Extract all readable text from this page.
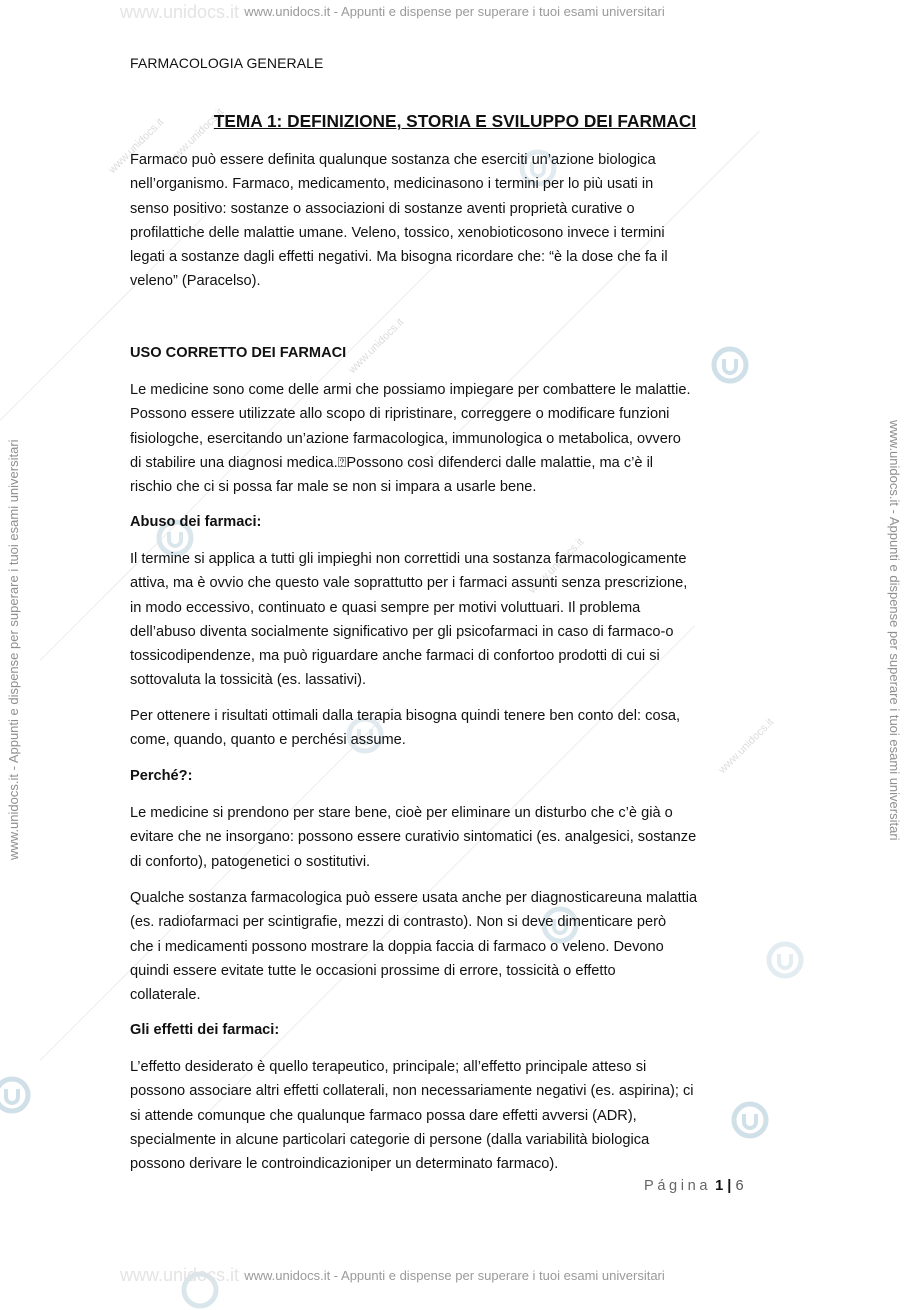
www.unidocs.it
www.unidocs.it
www.unidocs.it
www.unidocs.it
www.unidocs.it
www.unidocs.it
www.unidocs.it
www.unidocs.it - Appunti e dispense per superare i tuoi esami universitari
www.unidocs.it - Appunti e dispense per superare i tuoi esami universitari
www.unidocs.it - Appunti e dispense per superare i tuoi esami universitari	www.unidocs.it - Appunti e dispense per superare i tuoi esami universitari
FARMACOLOGIA GENERALE
TEMA 1: DEFINIZIONE, STORIA E SVILUPPO DEI FARMACI
Farmaco può essere definita qualunque sostanza che eserciti un’azione biologica
nell’organismo. Farmaco, medicamento, medicinasono i termini per lo più usati in
senso positivo: sostanze o associazioni di sostanze aventi proprietà curative o
profilattiche delle malattie umane. Veleno, tossico, xenobioticosono invece i termini
legati a sostanze dagli effetti negativi. Ma bisogna ricordare che: “è la dose che fa il
veleno” (Paracelso).
USO CORRETTO DEI FARMACI
Le medicine sono come delle armi che possiamo impiegare per combattere le malattie.
Possono essere utilizzate allo scopo di ripristinare, correggere o modificare funzioni
fisiologche, esercitando un’azione farmacologica, immunologica o metabolica, ovvero
di stabilire una diagnosi medica.⍰Possono così difenderci dalle malattie, ma c’è il
rischio che ci si possa far male se non si impara a usarle bene.
Abuso dei farmaci:
Il termine si applica a tutti gli impieghi non correttidi una sostanza farmacologicamente
attiva, ma è ovvio che questo vale soprattutto per i farmaci assunti senza prescrizione,
in modo eccessivo, continuato e quasi sempre per motivi voluttuari. Il problema
dell’abuso diventa socialmente significativo per gli psicofarmaci in caso di farmaco-o
tossicodipendenze, ma può riguardare anche farmaci di confortoo prodotti di cui si
sottovaluta la tossicità (es. lassativi).
Per ottenere i risultati ottimali dalla terapia bisogna quindi tenere ben conto del: cosa,
come, quando, quanto e perchési assume.
Perché?:
Le medicine si prendono per stare bene, cioè per eliminare un disturbo che c’è già o
evitare che ne insorgano: possono essere curativio sintomatici (es. analgesici, sostanze
di conforto), patogenetici o sostitutivi.
Qualche sostanza farmacologica può essere usata anche per diagnosticareuna malattia
(es. radiofarmaci per scintigrafie, mezzi di contrasto). Non si deve dimenticare però
che i medicamenti possono mostrare la doppia faccia di farmaco o veleno. Devono
quindi essere evitate tutte le occasioni prossime di errore, tossicità o effetto
collaterale.
Gli effetti dei farmaci:
L’effetto desiderato è quello terapeutico, principale; all’effetto principale atteso si
possono associare altri effetti collaterali, non necessariamente negativi (es. aspirina); ci
si attende comunque che qualunque farmaco possa dare effetti avversi (ADR),
specialmente in alcune particolari categorie di persone (dalla variabilità biologica
possono derivare le controindicazioniper un determinato farmaco).
Página 1 | 6
